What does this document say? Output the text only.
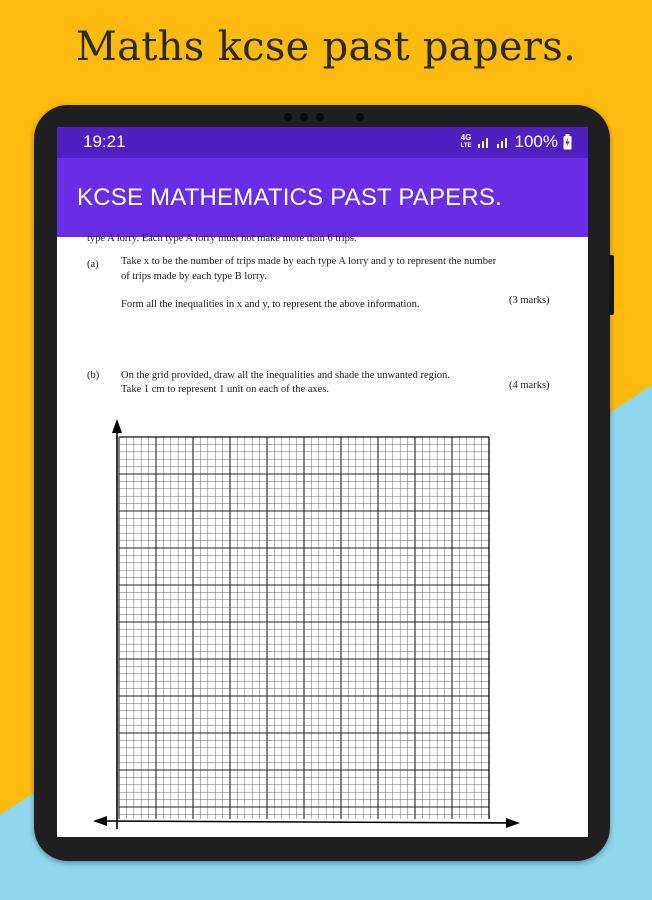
Maths kcse past papers.
19:21	4G
LTE	100%
KCSE MATHEMATICS PAST PAPERS.
type A lorry. Each type A lorry must not make more than 6 trips.
(a) Take x to be the number of trips made by each type A lorry and y to represent the number
of trips made by each type B lorry.
Form all the inequalities in x and y, to represent the above information.	(3 marks)
(b) On the grid provided, draw all the inequalities and shade the unwanted region.
Take 1 cm to represent 1 unit on each of the axes.	(4 marks)
